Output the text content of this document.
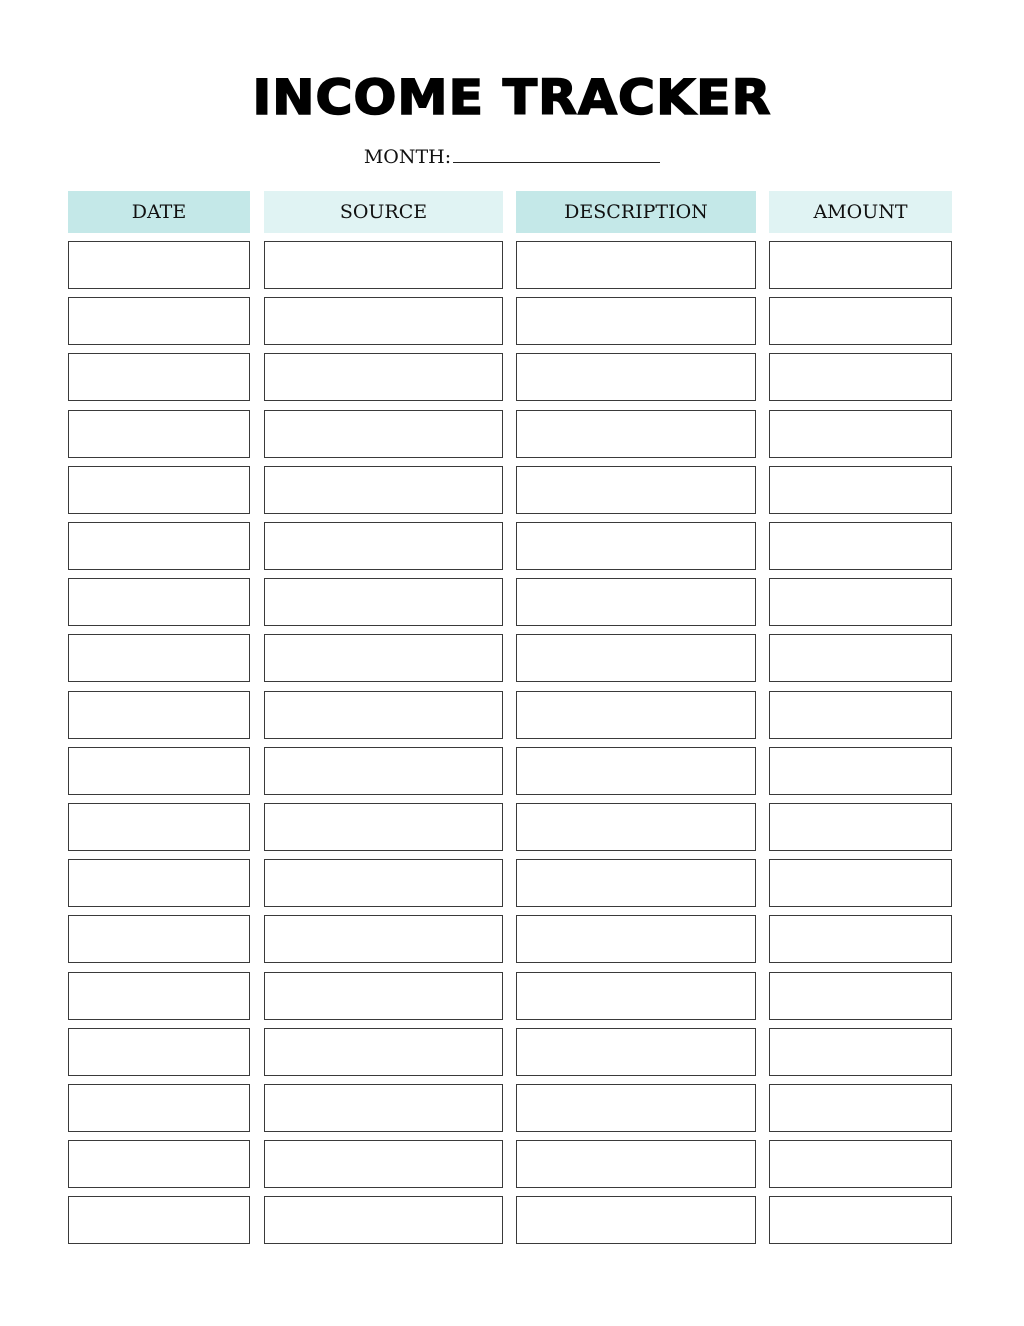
INCOME TRACKER
MONTH:
DATE	SOURCE	DESCRIPTION	AMOUNT
